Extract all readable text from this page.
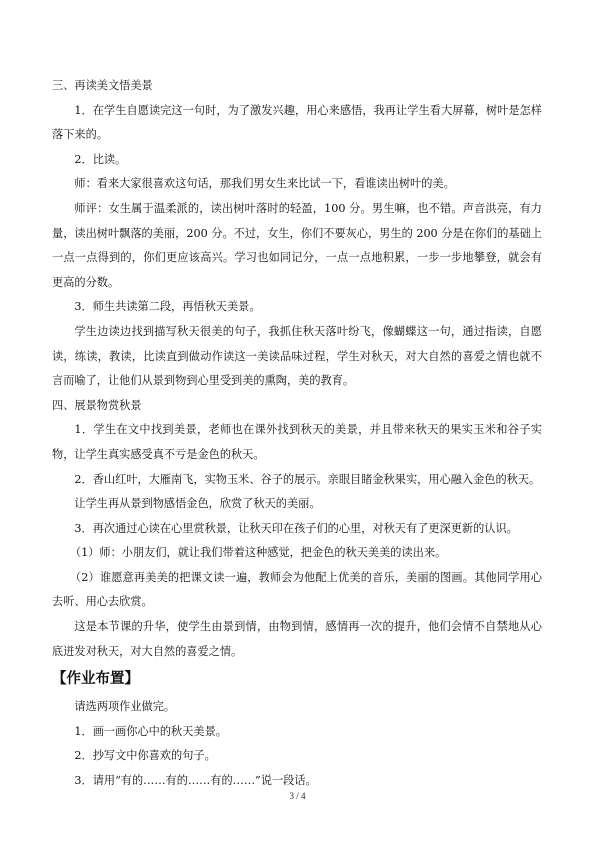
三、再读美文悟美景

1．在学生自愿读完这一句时，为了激发兴趣，用心来感悟，我再让学生看大屏幕，树叶是怎样落下来的。

2．比读。

师：看来大家很喜欢这句话，那我们男女生来比试一下，看谁读出树叶的美。

师评：女生属于温柔派的，读出树叶落时的轻盈，100 分。男生嘛，也不错。声音洪亮，有力量，读出树叶飘落的美丽，200 分。不过，女生，你们不要灰心，男生的 200 分是在你们的基础上一点一点得到的，你们更应该高兴。学习也如同记分，一点一点地积累，一步一步地攀登，就会有更高的分数。

3．师生共读第二段，再悟秋天美景。

学生边读边找到描写秋天很美的句子，我抓住秋天落叶纷飞，像蝴蝶这一句，通过指读，自愿读，练读，教读，比读直到做动作读这一美读品味过程，学生对秋天，对大自然的喜爱之情也就不言而喻了，让他们从景到物到心里受到美的熏陶，美的教育。

四、展景物赏秋景

1．学生在文中找到美景，老师也在课外找到秋天的美景，并且带来秋天的果实玉米和谷子实物，让学生真实感受真不亏是金色的秋天。

2．香山红叶，大雁南飞，实物玉米、谷子的展示。亲眼目睹金秋果实，用心融入金色的秋天。

让学生再从景到物感悟金色，欣赏了秋天的美丽。

3．再次通过心读在心里赏秋景，让秋天印在孩子们的心里，对秋天有了更深更新的认识。

（1）师：小朋友们，就让我们带着这种感觉，把金色的秋天美美的读出来。

（2）谁愿意再美美的把课文读一遍，教师会为他配上优美的音乐，美丽的图画。其他同学用心去听、用心去欣赏。

这是本节课的升华，使学生由景到情，由物到情，感情再一次的提升，他们会情不自禁地从心底迸发对秋天，对大自然的喜爱之情。

【作业布置】

请选两项作业做完。

1．画一画你心中的秋天美景。

2．抄写文中你喜欢的句子。

3．请用“有的……有的……有的……”说一段话。

3 / 4
